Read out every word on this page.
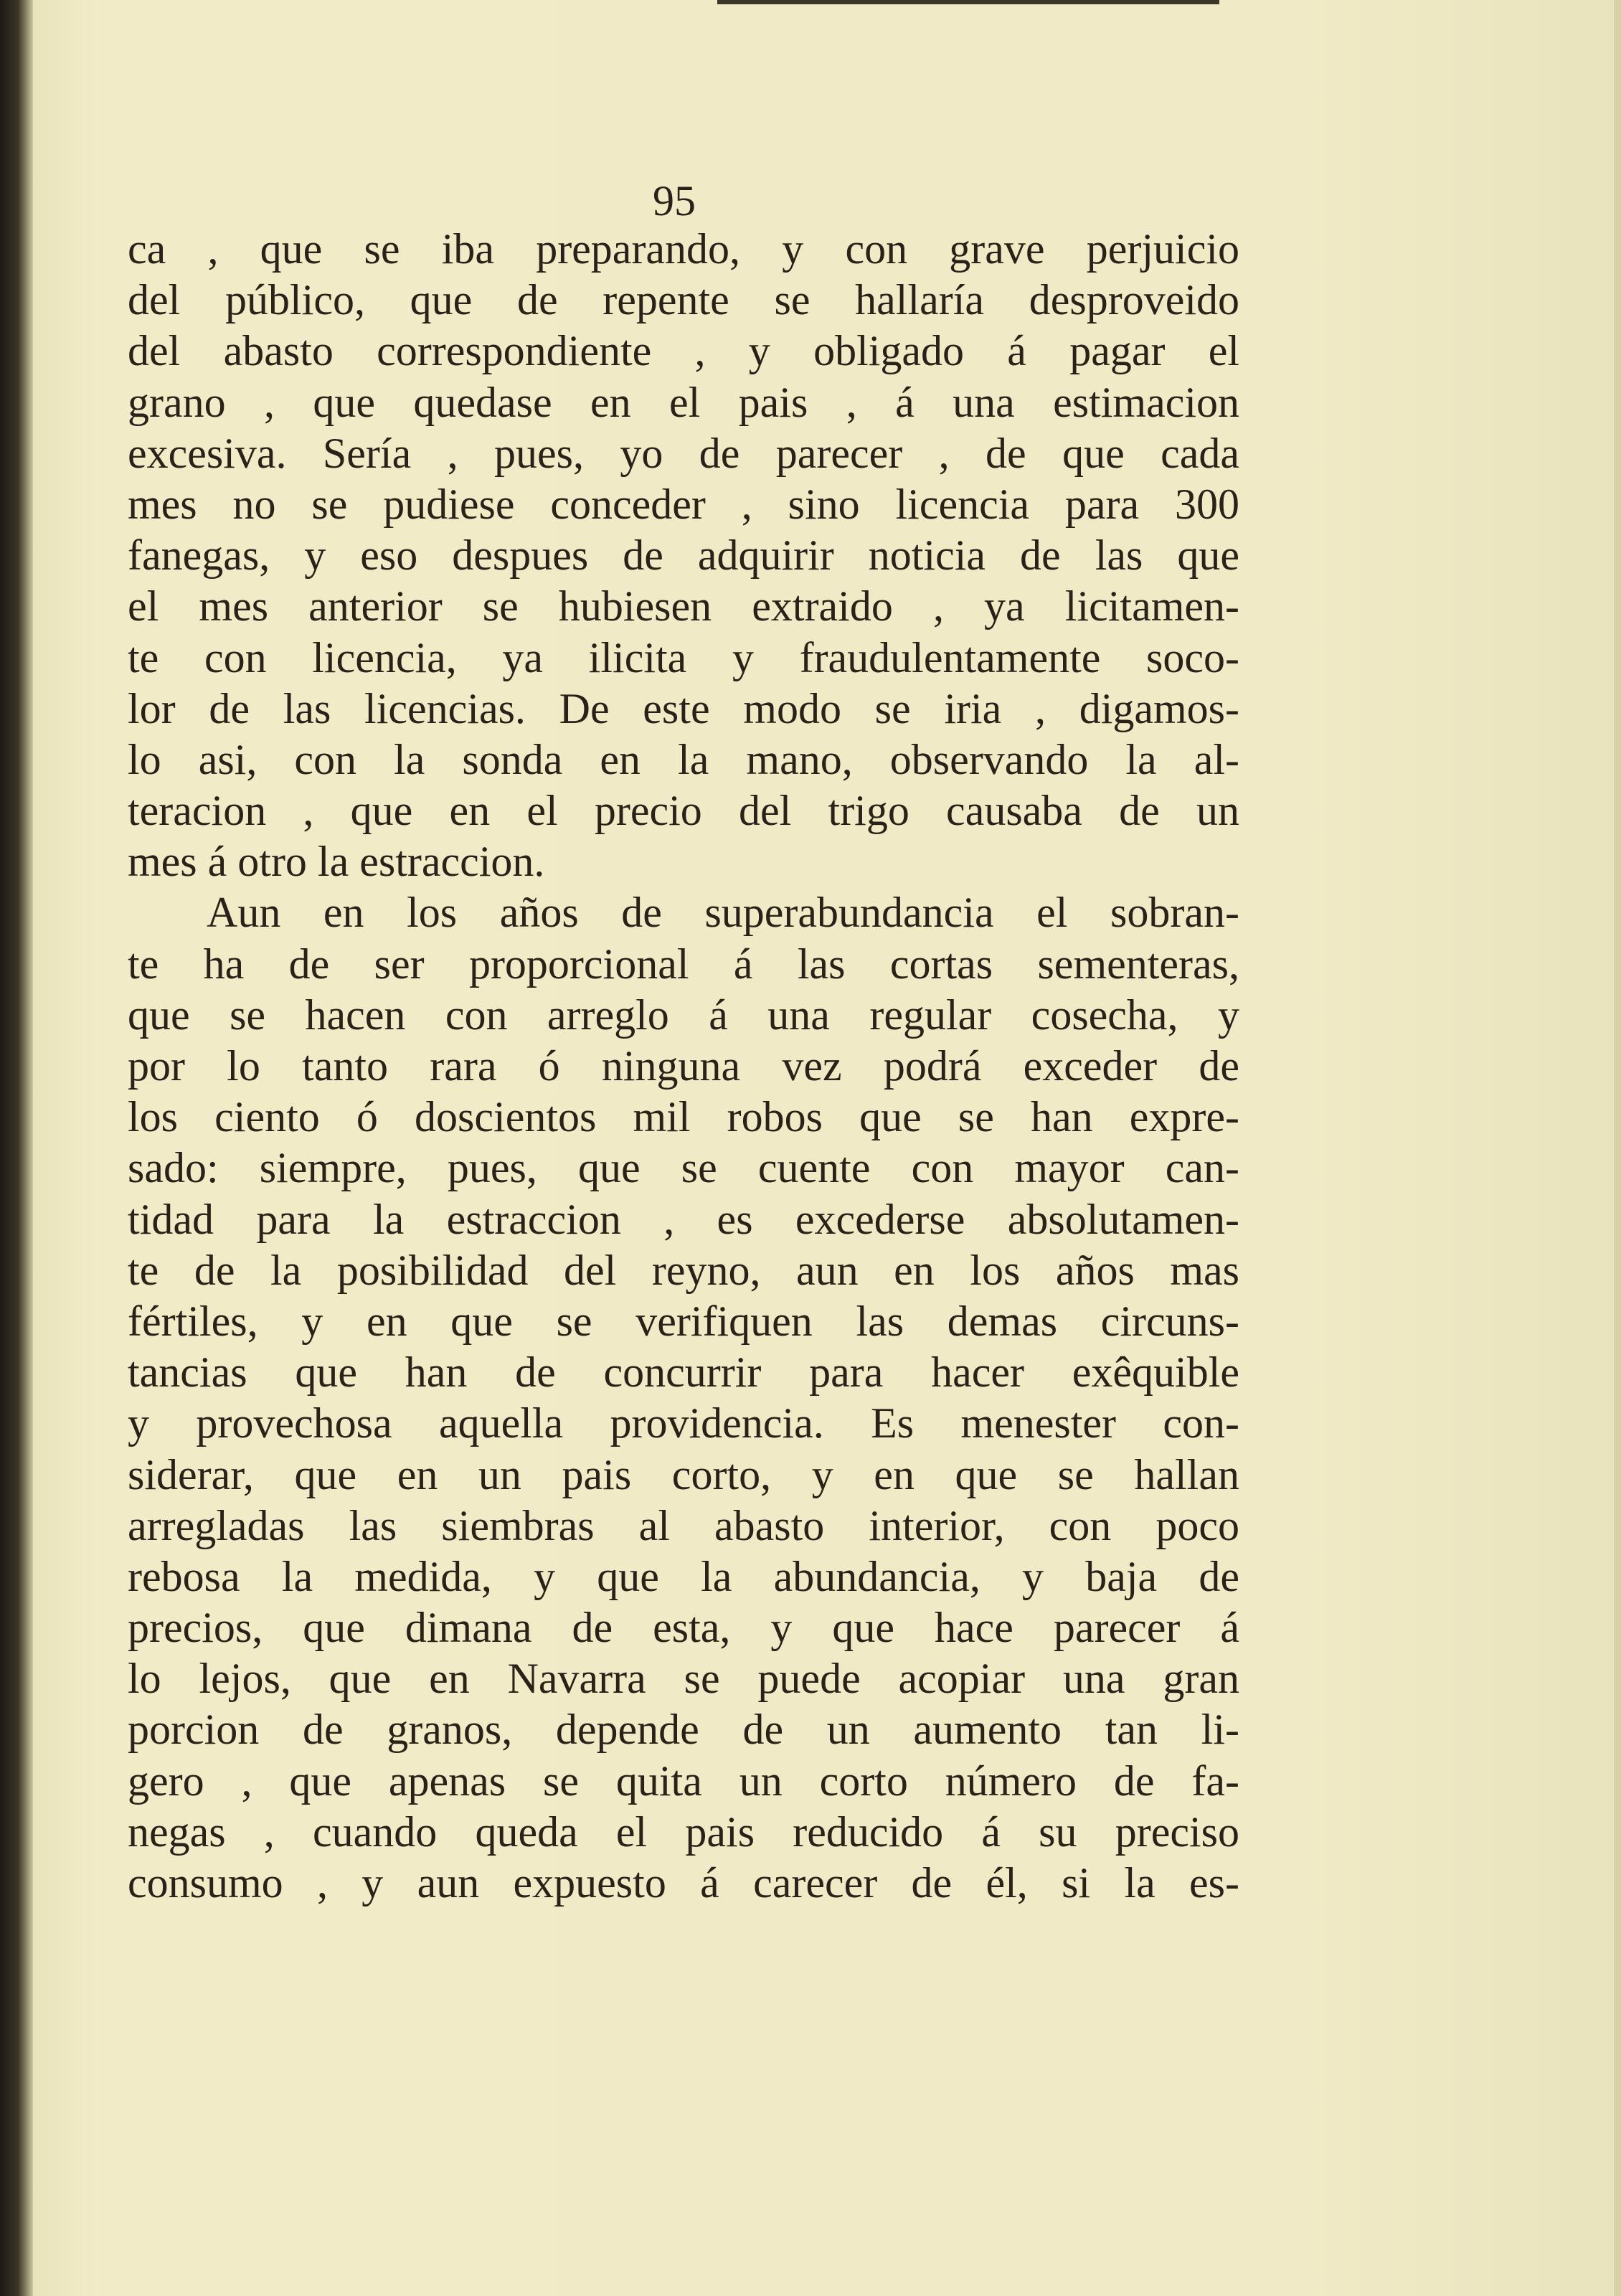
95
ca , que se iba preparando, y con grave perjuicio
del público, que de repente se hallaría desproveido
del abasto correspondiente , y obligado á pagar el
grano , que quedase en el pais , á una estimacion
excesiva. Sería , pues, yo de parecer , de que cada
mes no se pudiese conceder , sino licencia para 300
fanegas, y eso despues de adquirir noticia de las que
el mes anterior se hubiesen extraido , ya licitamen-
te con licencia, ya ilicita y fraudulentamente soco-
lor de las licencias. De este modo se iria , digamos-
lo asi, con la sonda en la mano, observando la al-
teracion , que en el precio del trigo causaba de un
mes á otro la estraccion.
Aun en los años de superabundancia el sobran-
te ha de ser proporcional á las cortas sementeras,
que se hacen con arreglo á una regular cosecha, y
por lo tanto rara ó ninguna vez podrá exceder de
los ciento ó doscientos mil robos que se han expre-
sado: siempre, pues, que se cuente con mayor can-
tidad para la estraccion , es excederse absolutamen-
te de la posibilidad del reyno, aun en los años mas
fértiles, y en que se verifiquen las demas circuns-
tancias que han de concurrir para hacer exêquible
y provechosa aquella providencia. Es menester con-
siderar, que en un pais corto, y en que se hallan
arregladas las siembras al abasto interior, con poco
rebosa la medida, y que la abundancia, y baja de
precios, que dimana de esta, y que hace parecer á
lo lejos, que en Navarra se puede acopiar una gran
porcion de granos, depende de un aumento tan li-
gero , que apenas se quita un corto número de fa-
negas , cuando queda el pais reducido á su preciso
consumo , y aun expuesto á carecer de él, si la es-
